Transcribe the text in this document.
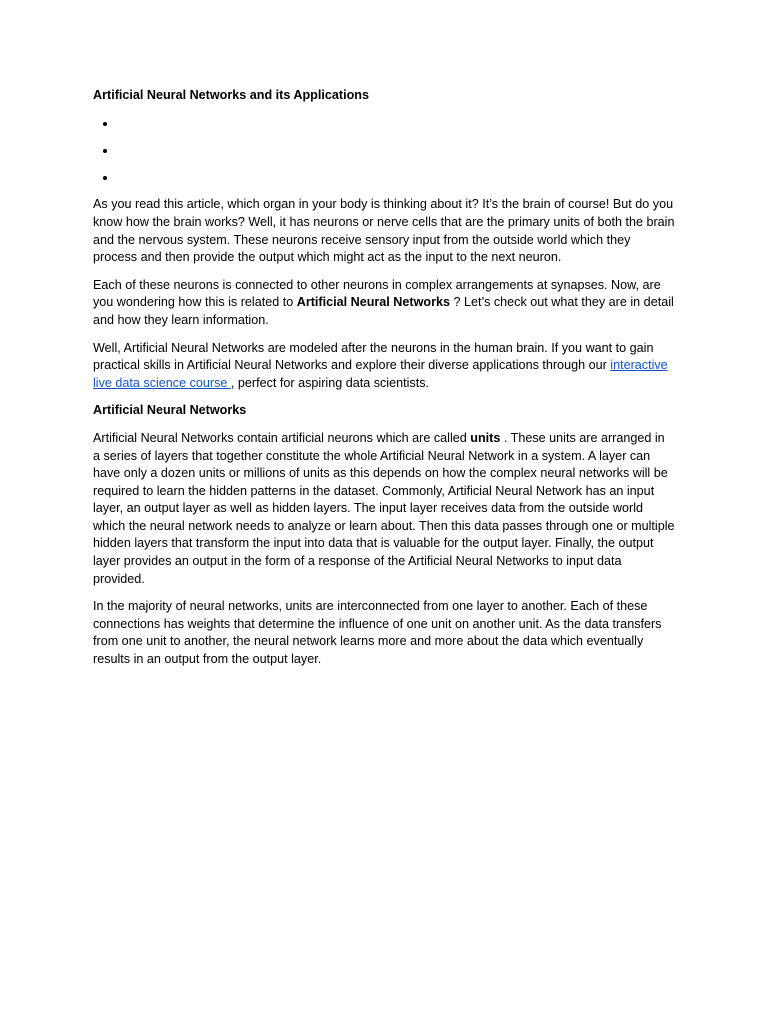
Artificial Neural Networks and its Applications
•
•
•

As you read this article, which organ in your body is thinking about it? It’s the brain of course! But do you know how the brain works? Well, it has neurons or nerve cells that are the primary units of both the brain and the nervous system. These neurons receive sensory input from the outside world which they process and then provide the output which might act as the input to the next neuron.

Each of these neurons is connected to other neurons in complex arrangements at synapses. Now, are you wondering how this is related to Artificial Neural Networks ? Let’s check out what they are in detail and how they learn information.

Well, Artificial Neural Networks are modeled after the neurons in the human brain. If you want to gain practical skills in Artificial Neural Networks and explore their diverse applications through our interactive live data science course , perfect for aspiring data scientists.

Artificial Neural Networks

Artificial Neural Networks contain artificial neurons which are called units . These units are arranged in a series of layers that together constitute the whole Artificial Neural Network in a system. A layer can have only a dozen units or millions of units as this depends on how the complex neural networks will be required to learn the hidden patterns in the dataset. Commonly, Artificial Neural Network has an input layer, an output layer as well as hidden layers. The input layer receives data from the outside world which the neural network needs to analyze or learn about. Then this data passes through one or multiple hidden layers that transform the input into data that is valuable for the output layer. Finally, the output layer provides an output in the form of a response of the Artificial Neural Networks to input data provided.

In the majority of neural networks, units are interconnected from one layer to another. Each of these connections has weights that determine the influence of one unit on another unit. As the data transfers from one unit to another, the neural network learns more and more about the data which eventually results in an output from the output layer.
